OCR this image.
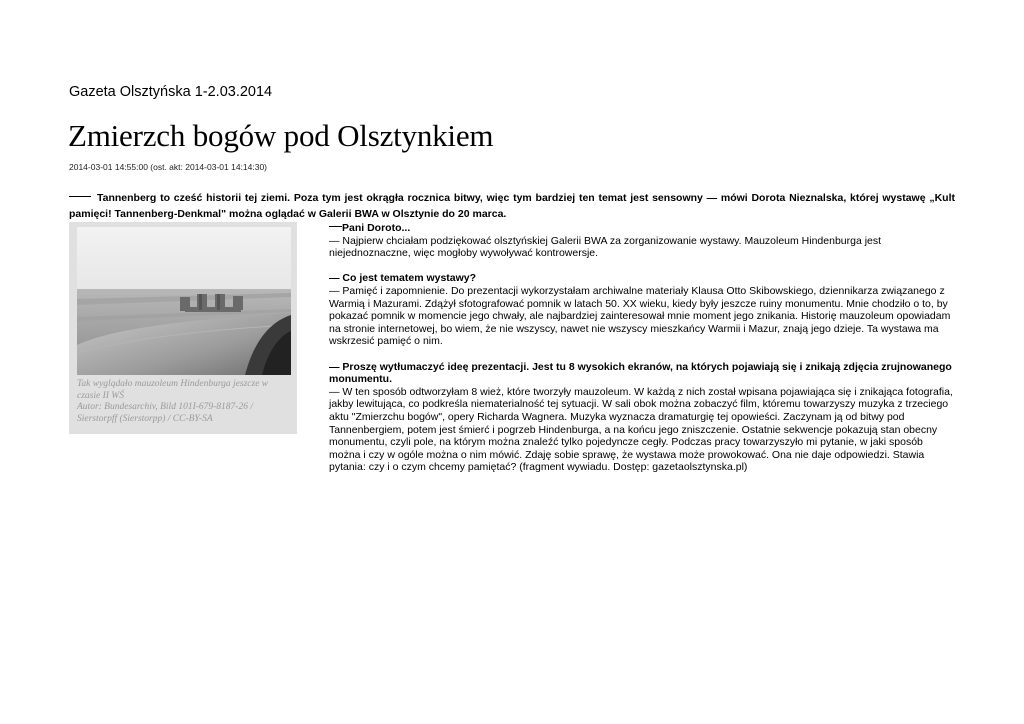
Gazeta Olsztyńska 1-2.03.2014
Zmierzch bogów pod Olsztynkiem
2014-03-01 14:55:00 (ost. akt: 2014-03-01 14:14:30)

Tannenberg to cześć historii tej ziemi. Poza tym jest okrągła rocznica bitwy, więc tym bardziej ten temat jest sensowny — mówi Dorota Nieznalska, której wystawę „Kult pamięci! Tannenberg-Denkmal" można oglądać w Galerii BWA w Olsztynie do 20 marca.

Tak wyglądało mauzoleum Hindenburga jeszcze w czasie II WŚ
Autor: Bundesarchiv, Bild 101I-679-8187-26 / Sierstorpff (Sierstorpp) / CC-BY-SA

Pani Doroto...
— Najpierw chciałam podziękować olsztyńskiej Galerii BWA za zorganizowanie wystawy. Mauzoleum Hindenburga jest niejednoznaczne, więc mogłoby wywoływać kontrowersje.

— Co jest tematem wystawy?
— Pamięć i zapomnienie. Do prezentacji wykorzystałam archiwalne materiały Klausa Otto Skibowskiego, dziennikarza związanego z Warmią i Mazurami. Zdążył sfotografować pomnik w latach 50. XX wieku, kiedy były jeszcze ruiny monumentu. Mnie chodziło o to, by pokazać pomnik w momencie jego chwały, ale najbardziej zainteresował mnie moment jego znikania. Historię mauzoleum opowiadam na stronie internetowej, bo wiem, że nie wszyscy, nawet nie wszyscy mieszkańcy Warmii i Mazur, znają jego dzieje. Ta wystawa ma wskrzesić pamięć o nim.

— Proszę wytłumaczyć ideę prezentacji. Jest tu 8 wysokich ekranów, na których pojawiają się i znikają zdjęcia zrujnowanego monumentu.
— W ten sposób odtworzyłam 8 wież, które tworzyły mauzoleum. W każdą z nich został wpisana pojawiająca się i znikająca fotografia, jakby lewitująca, co podkreśla niematerialność tej sytuacji. W sali obok można zobaczyć film, któremu towarzyszy muzyka z trzeciego aktu "Zmierzchu bogów", opery Richarda Wagnera. Muzyka wyznacza dramaturgię tej opowieści. Zaczynam ją od bitwy pod Tannenbergiem, potem jest śmierć i pogrzeb Hindenburga, a na końcu jego zniszczenie. Ostatnie sekwencje pokazują stan obecny monumentu, czyli pole, na którym można znaleźć tylko pojedyncze cegły. Podczas pracy towarzyszyło mi pytanie, w jaki sposób można i czy w ogóle można o nim mówić. Zdaję sobie sprawę, że wystawa może prowokować. Ona nie daje odpowiedzi. Stawia pytania: czy i o czym chcemy pamiętać? (fragment wywiadu. Dostęp: gazetaolsztynska.pl)
